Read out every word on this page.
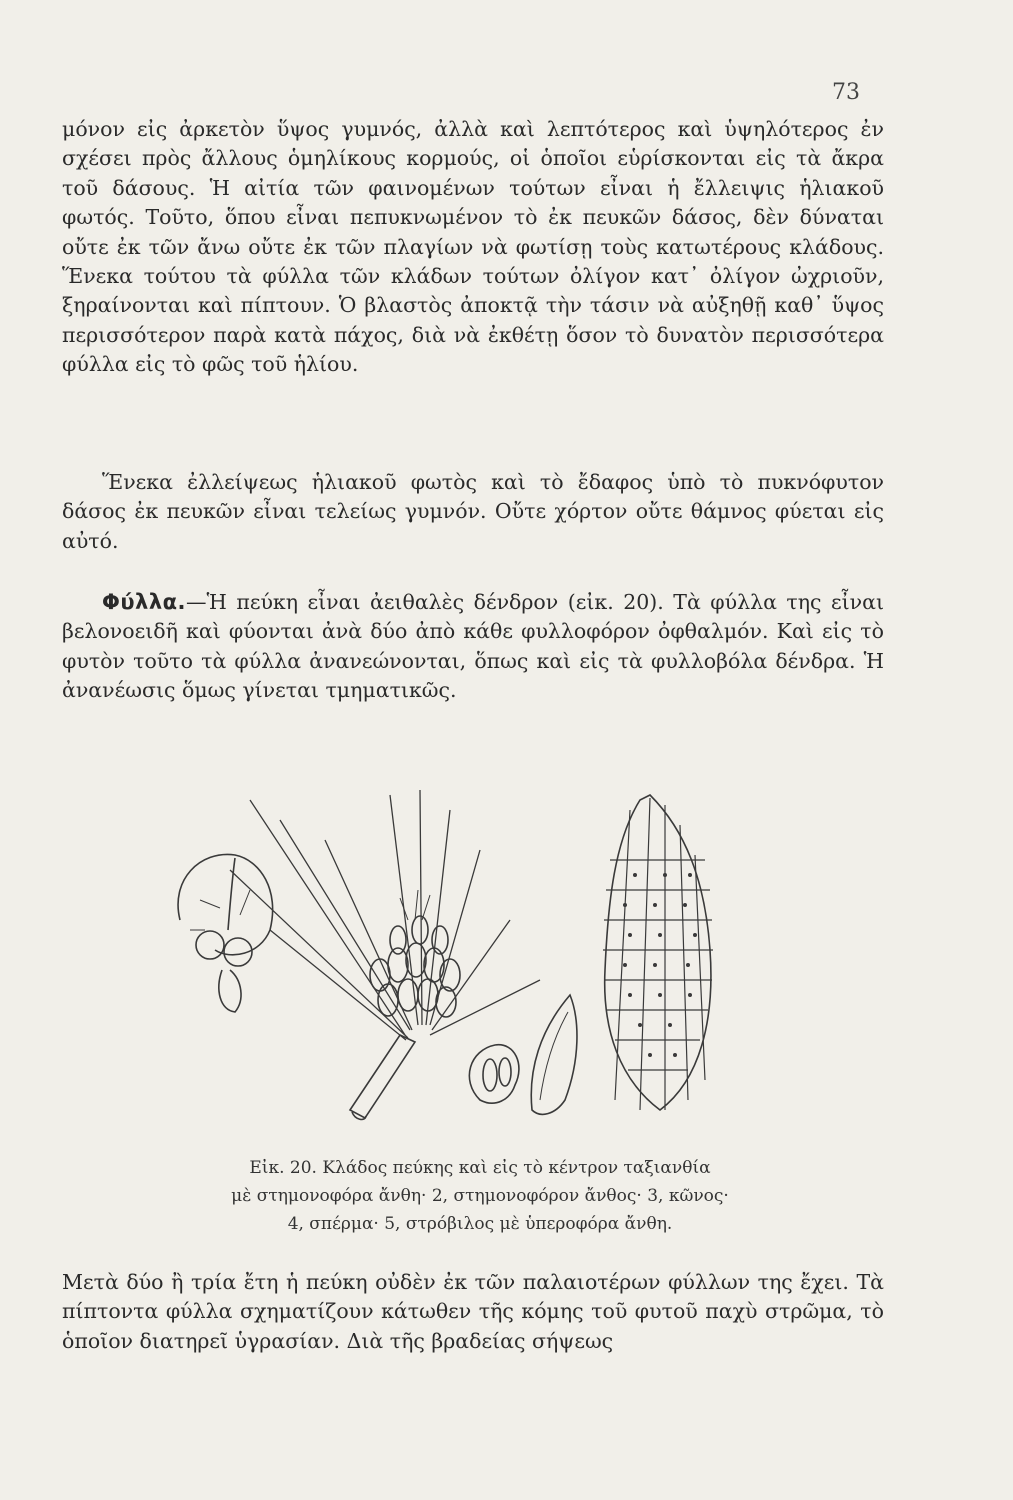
73

μόνον εἰς ἀρκετὸν ὕψος γυμνός, ἀλλὰ καὶ λεπτότερος καὶ ὑψηλότερος ἐν σχέσει πρὸς ἄλλους ὁμηλίκους κορμούς, οἱ ὁποῖοι εὑρίσκονται εἰς τὰ ἄκρα τοῦ δάσους. Ἡ αἰτία τῶν φαινομένων τούτων εἶναι ἡ ἔλλειψις ἡλιακοῦ φωτός. Τοῦτο, ὅπου εἶναι πεπυκνωμένον τὸ ἐκ πευκῶν δάσος, δὲν δύναται οὔτε ἐκ τῶν ἄνω οὔτε ἐκ τῶν πλαγίων νὰ φωτίσῃ τοὺς κατωτέρους κλάδους. Ἕνεκα τούτου τὰ φύλλα τῶν κλάδων τούτων ὀλίγον κατ᾽ ὀλίγον ὠχριοῦν, ξηραίνονται καὶ πίπτουν. Ὁ βλαστὸς ἀποκτᾷ τὴν τάσιν νὰ αὐξηθῇ καθ᾽ ὕψος περισσότερον παρὰ κατὰ πάχος, διὰ νὰ ἐκθέτῃ ὅσον τὸ δυνατὸν περισσότερα φύλλα εἰς τὸ φῶς τοῦ ἡλίου.

Ἕνεκα ἐλλείψεως ἡλιακοῦ φωτὸς καὶ τὸ ἔδαφος ὑπὸ τὸ πυκνόφυτον δάσος ἐκ πευκῶν εἶναι τελείως γυμνόν. Οὔτε χόρτον οὔτε θάμνος φύεται εἰς αὐτό.

Φύλλα.—Ἡ πεύκη εἶναι ἀειθαλὲς δένδρον (εἰκ. 20). Τὰ φύλλα της εἶναι βελονοειδῆ καὶ φύονται ἀνὰ δύο ἀπὸ κάθε φυλλοφόρον ὀφθαλμόν. Καὶ εἰς τὸ φυτὸν τοῦτο τὰ φύλλα ἀνανεώνονται, ὅπως καὶ εἰς τὰ φυλλοβόλα δένδρα. Ἡ ἀνανέωσις ὅμως γίνεται τμηματικῶς.

Εἰκ. 20. Κλάδος πεύκης καὶ εἰς τὸ κέντρον ταξιανθία
μὲ στημονοφόρα ἄνθη· 2, στημονοφόρον ἄνθος· 3, κῶνος·
4, σπέρμα· 5, στρόβιλος μὲ ὑπεροφόρα ἄνθη.

Μετὰ δύο ἢ τρία ἔτη ἡ πεύκη οὐδὲν ἐκ τῶν παλαιοτέρων φύλλων της ἔχει. Τὰ πίπτοντα φύλλα σχηματίζουν κάτωθεν τῆς κόμης τοῦ φυτοῦ παχὺ στρῶμα, τὸ ὁποῖον διατηρεῖ ὑγρασίαν. Διὰ τῆς βραδείας σήψεως
